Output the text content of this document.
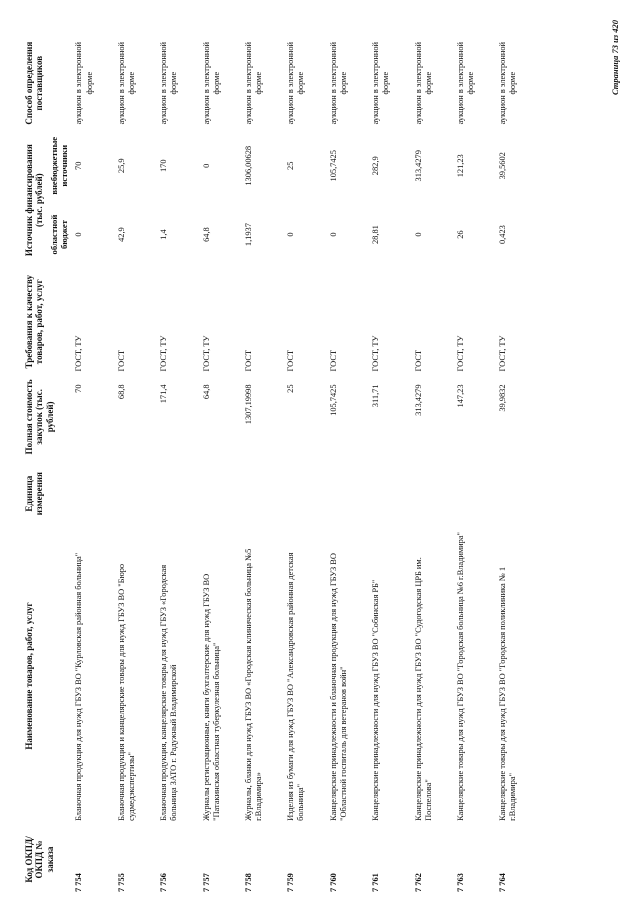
Код ОКПД/ ОКПД № заказа	Наименование товаров, работ, услуг	Единица измерения	Полная стоимость закупок (тыс. рублей)	Требования к качеству товаров, работ, услуг	Источник финансирования (тыс. рублей)		Способ определения поставщиков
					областной бюджет	внебюджетные источники	
7 754	Бланочная продукция для нужд ГБУЗ ВО "Курловская районная больница"		70	ГОСТ, ТУ	0	70	аукцион в электронной форме
7 755	Бланочная продукция и канцелярские товары для нужд ГБУЗ ВО "Бюро судмедэкспертизы"		68,8	ГОСТ	42,9	25,9	аукцион в электронной форме
7 756	Бланочная продукция, канцелярские товары для нужд ГБУЗ «Городская больница ЗАТО г. Радужный Владимирской		171,4	ГОСТ, ТУ	1,4	170	аукцион в электронной форме
7 757	Журналы регистрационные, книги бухгалтерские для нужд ГБУЗ ВО "Патакинская областная туберкулезная больница"		64,8	ГОСТ, ТУ	64,8	0	аукцион в электронной форме
7 758	Журналы, бланки для нужд ГБУЗ ВО «Городская клиническая больница №5 г.Владимира»		1307,19998	ГОСТ	1,1937	1306,00628	аукцион в электронной форме
7 759	Изделия из бумаги для нужд ГБУЗ ВО "Александровская районная детская больница"		25	ГОСТ	0	25	аукцион в электронной форме
7 760	Канцелярские принадлежности и бланочная продукция для нужд ГБУЗ ВО "Областной госпиталь для ветеранов войн"		105,7425	ГОСТ	0	105,7425	аукцион в электронной форме
7 761	Канцелярские принадлежности для нужд ГБУЗ ВО "Собинская РБ"		311,71	ГОСТ, ТУ	28,81	282,9	аукцион в электронной форме
7 762	Канцелярские принадлежности для нужд ГБУЗ ВО "Судогодская ЦРБ им. Поспелова"		313,4279	ГОСТ	0	313,4279	аукцион в электронной форме
7 763	Канцелярские товары для нужд ГБУЗ ВО "Городская больница №6 г.Владимира"		147,23	ГОСТ, ТУ	26	121,23	аукцион в электронной форме
7 764	Канцелярские товары для нужд ГБУЗ ВО "Городская поликлиника № 1 г.Владимира"		39,9832	ГОСТ, ТУ	0,423	39,5602	аукцион в электронной форме	Страница 73 из 420
